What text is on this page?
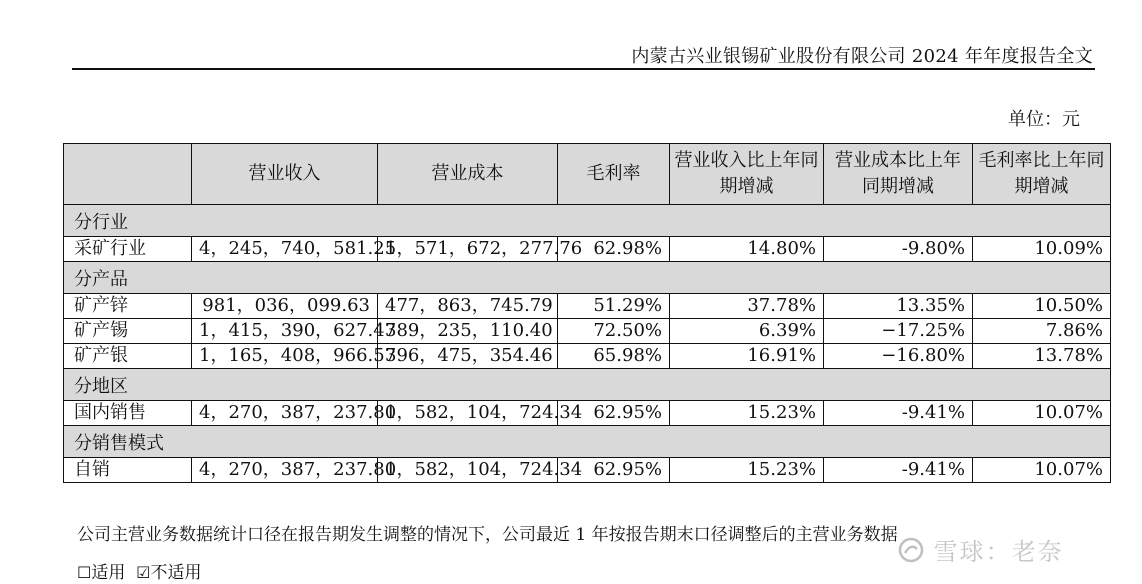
内蒙古兴业银锡矿业股份有限公司 2024 年年度报告全文
单位：元
	营业收入	营业成本	毛利率	营业收入比上年同期增减	营业成本比上年同期增减	毛利率比上年同期增减
分行业						
采矿行业	4，245，740，581.25	1，571，672，277.76	62.98%	14.80%	-9.80%	10.09%
分产品						
矿产锌	981，036，099.63	477，863，745.79	51.29%	37.78%	13.35%	10.50%
矿产锡	1，415，390，627.47	389，235，110.40	72.50%	6.39%	−17.25%	7.86%
矿产银	1，165，408，966.57	396，475，354.46	65.98%	16.91%	−16.80%	13.78%
分地区						
国内销售	4，270，387，237.80	1，582，104，724.34	62.95%	15.23%	-9.41%	10.07%
分销售模式						
自销	4，270，387，237.80	1，582，104，724.34	62.95%	15.23%	-9.41%	10.07%
公司主营业务数据统计口径在报告期发生调整的情况下，公司最近 1 年按报告期末口径调整后的主营业务数据
☐适用 ☑不适用
雪球：老奈
